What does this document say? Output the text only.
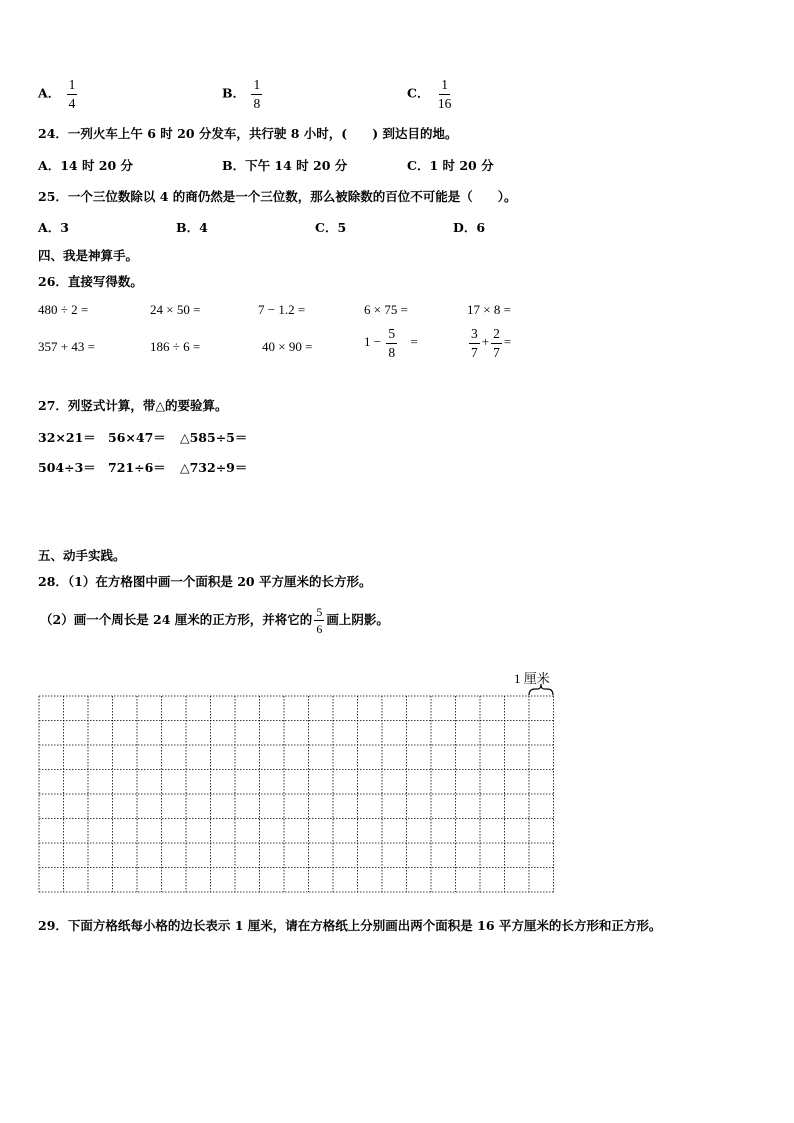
A． $\frac{1}{4}$	B． $\frac{1}{8}$	C． $\frac{1}{16}$
24．一列火车上午 6 时 20 分发车，共行驶 8 小时，(　　) 到达目的地。
A．14 时 20 分	B．下午 14 时 20 分	C．1 时 20 分
25．一个三位数除以 4 的商仍然是一个三位数，那么被除数的百位不可能是（　　）。
A．3	B．4	C．5	D．6
四、我是神算手。
26．直接写得数。
480 ÷ 2 =	24 × 50 =	7 − 1.2 =	6 × 75 =	17 × 8 =
357 + 43 =	186 ÷ 6 =	40 × 90 =	$1 - \frac{5}{8}$ =	$\frac{3}{7} + \frac{2}{7}$ =
27．列竖式计算，带△的要验算。
32×21＝ 56×47＝ △585÷5＝
504÷3＝ 721÷6＝ △732÷9＝
五、动手实践。
28．（1）在方格图中画一个面积是 20 平方厘米的长方形。
（2）画一个周长是 24 厘米的正方形，并将它的 $\frac{5}{6}$ 画上阴影。
1 厘米
29．下面方格纸每小格的边长表示 1 厘米，请在方格纸上分别画出两个面积是 16 平方厘米的长方形和正方形。
